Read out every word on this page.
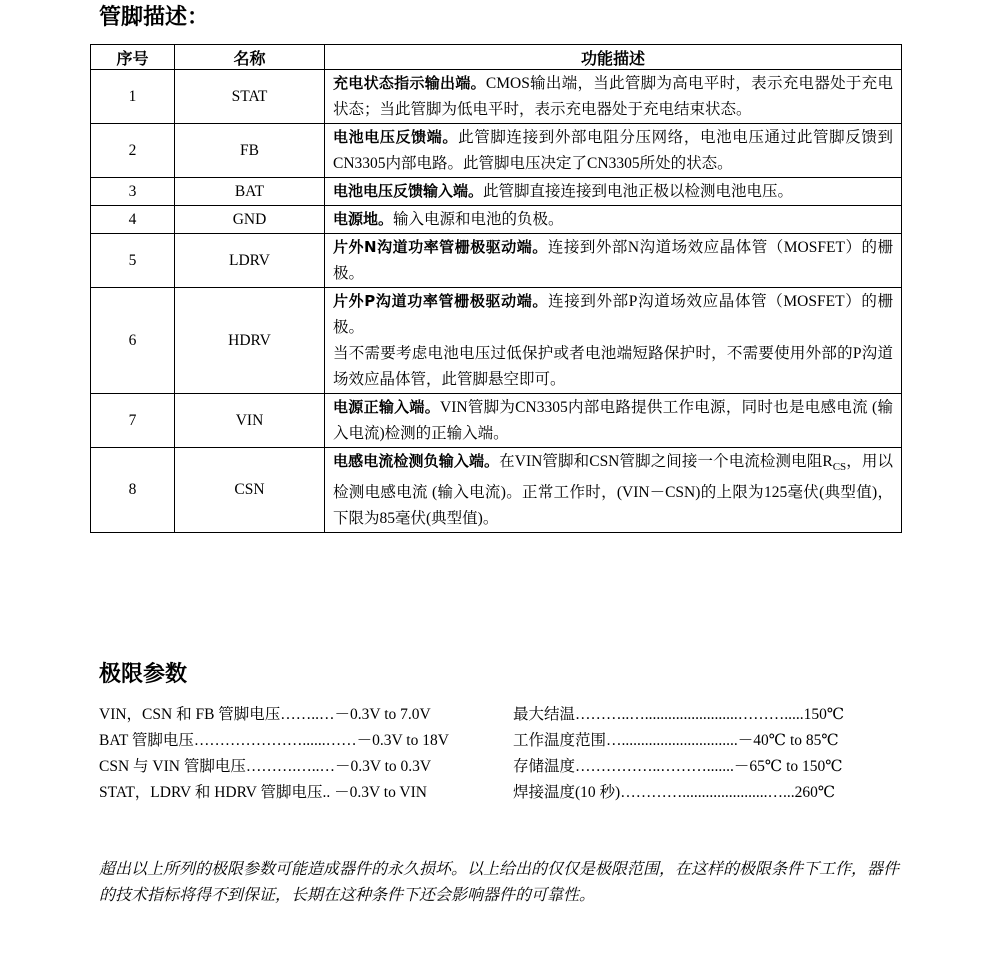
管脚描述：
序号	名称	功能描述
1	STAT	充电状态指示输出端。CMOS输出端，当此管脚为高电平时，表示充电器处于充电状态；当此管脚为低电平时，表示充电器处于充电结束状态。
2	FB	电池电压反馈端。此管脚连接到外部电阻分压网络，电池电压通过此管脚反馈到CN3305内部电路。此管脚电压决定了CN3305所处的状态。
3	BAT	电池电压反馈输入端。此管脚直接连接到电池正极以检测电池电压。
4	GND	电源地。输入电源和电池的负极。
5	LDRV	片外N沟道功率管栅极驱动端。连接到外部N沟道场效应晶体管（MOSFET）的栅极。
6	HDRV	片外P沟道功率管栅极驱动端。连接到外部P沟道场效应晶体管（MOSFET）的栅极。

当不需要考虑电池电压过低保护或者电池端短路保护时，不需要使用外部的P沟道场效应晶体管，此管脚悬空即可。

7	VIN	电源正输入端。VIN管脚为CN3305内部电路提供工作电源，同时也是电感电流 (输入电流)检测的正输入端。
8	CSN	电感电流检测负输入端。在VIN管脚和CSN管脚之间接一个电流检测电阻$R_{CS}$，用以检测电感电流 (输入电流)。正常工作时，(VIN－CSN)的上限为125毫伏(典型值)，下限为85毫伏(典型值)。
极限参数
VIN，CSN 和 FB 管脚电压……..…－0.3V to 7.0V
BAT 管脚电压…………………......……－0.3V to 18V
CSN 与 VIN 管脚电压……….…..…－0.3V to 0.3V
STAT，LDRV 和 HDRV 管脚电压.. －0.3V to VIN
最大结温………..…........................……….....150℃
工作温度范围…..............................－40℃ to 85℃
存储温度……………..……….......－65℃ to 150℃
焊接温度(10 秒)…………......................…...260℃

超出以上所列的极限参数可能造成器件的永久损坏。以上给出的仅仅是极限范围，在这样的极限条件下工作，器件的技术指标将得不到保证，长期在这种条件下还会影响器件的可靠性。
